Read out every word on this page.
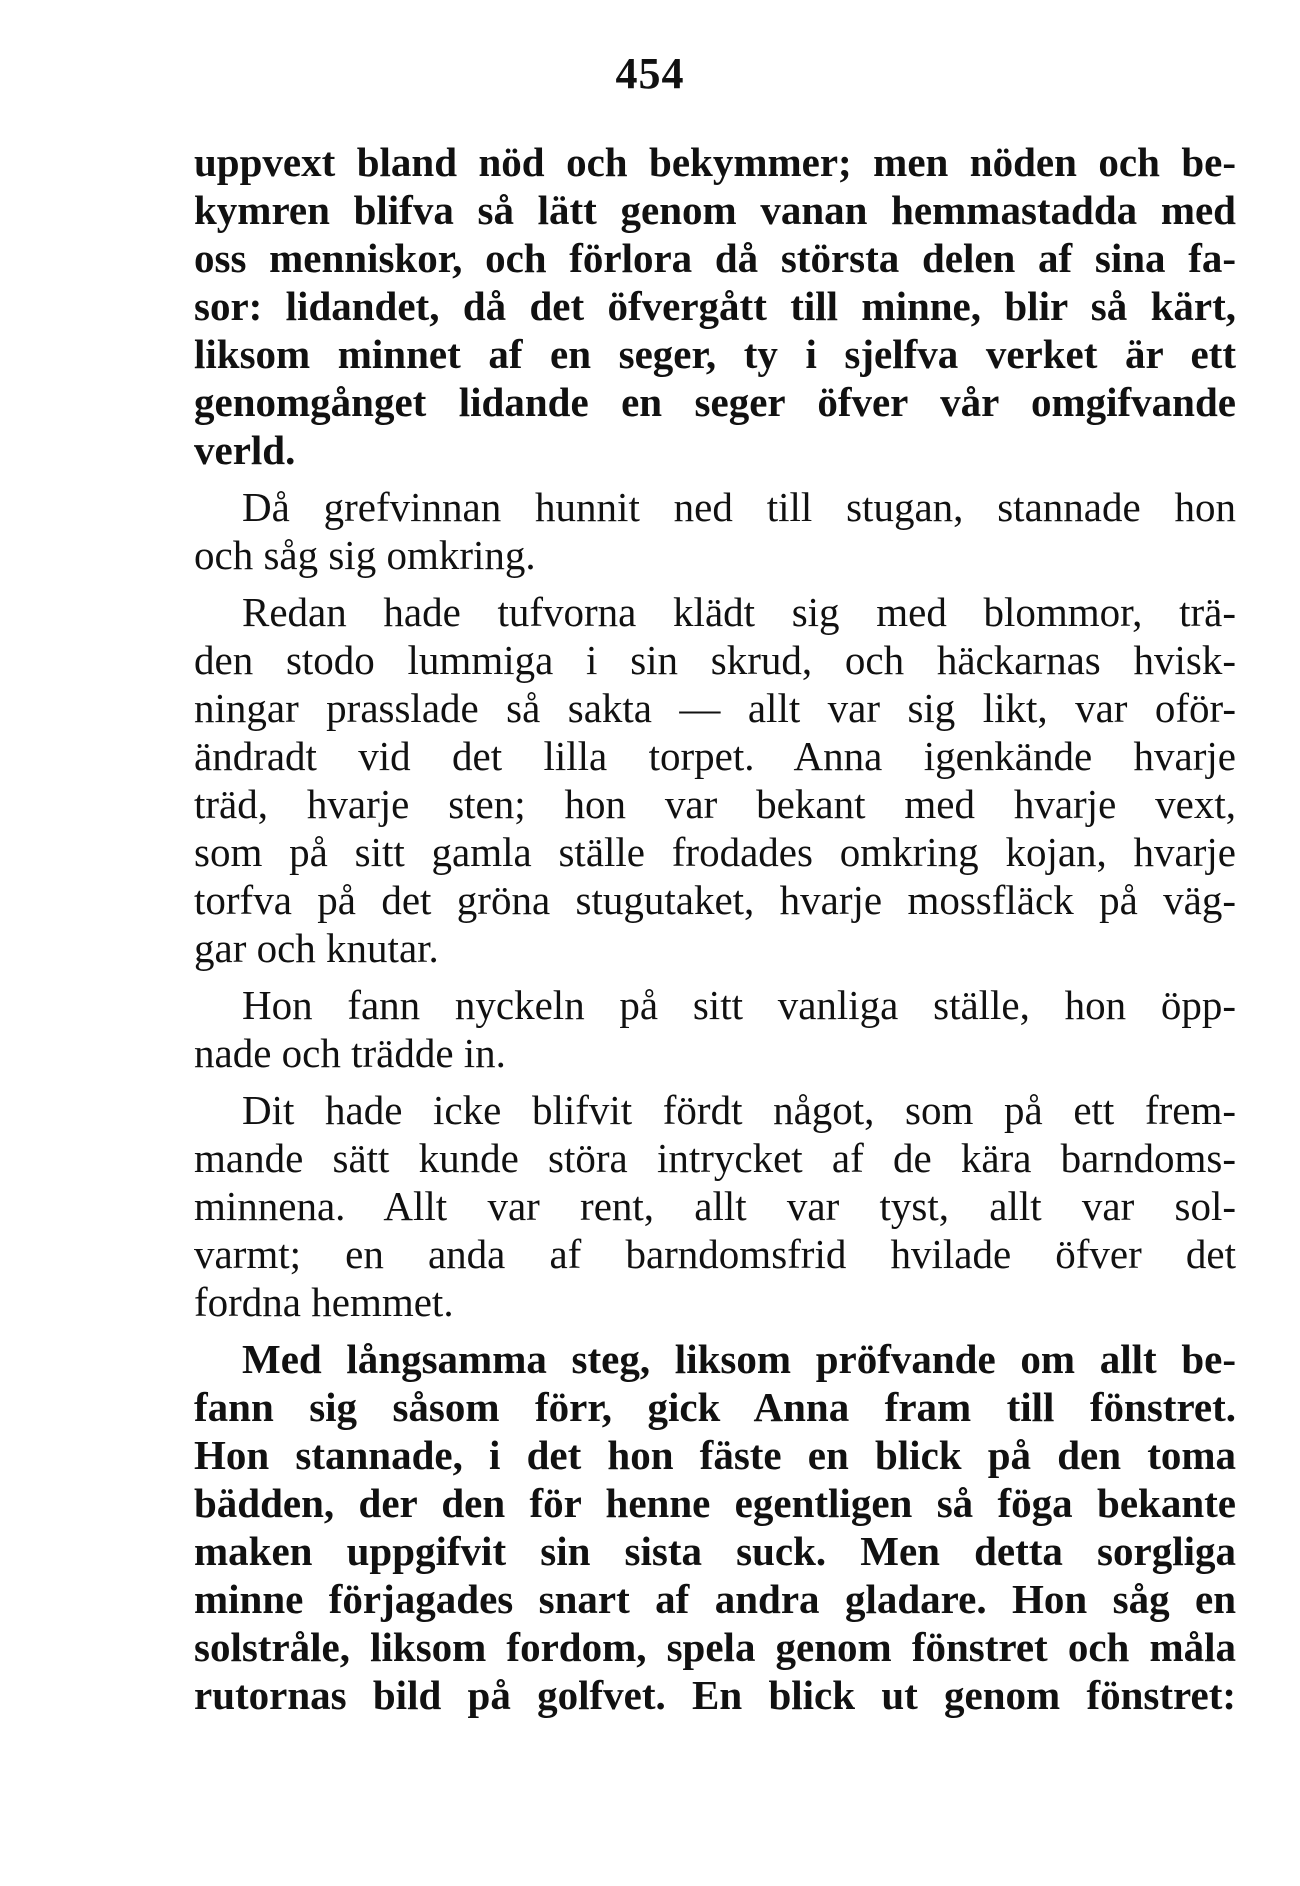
454
uppvext bland nöd och bekymmer; men nöden och be-
kymren blifva så lätt genom vanan hemmastadda med
oss menniskor, och förlora då största delen af sina fa-
sor: lidandet, då det öfvergått till minne, blir så kärt,
liksom minnet af en seger, ty i sjelfva verket är ett
genomgånget lidande en seger öfver vår omgifvande
verld.
Då grefvinnan hunnit ned till stugan, stannade hon
och såg sig omkring.
Redan hade tufvorna klädt sig med blommor, trä-
den stodo lummiga i sin skrud, och häckarnas hvisk-
ningar prasslade så sakta — allt var sig likt, var oför-
ändradt vid det lilla torpet. Anna igenkände hvarje
träd, hvarje sten; hon var bekant med hvarje vext,
som på sitt gamla ställe frodades omkring kojan, hvarje
torfva på det gröna stugutaket, hvarje mossfläck på väg-
gar och knutar.
Hon fann nyckeln på sitt vanliga ställe, hon öpp-
nade och trädde in.
Dit hade icke blifvit fördt något, som på ett frem-
mande sätt kunde störa intrycket af de kära barndoms-
minnena. Allt var rent, allt var tyst, allt var sol-
varmt; en anda af barndomsfrid hvilade öfver det
fordna hemmet.
Med långsamma steg, liksom pröfvande om allt be-
fann sig såsom förr, gick Anna fram till fönstret.
Hon stannade, i det hon fäste en blick på den toma
bädden, der den för henne egentligen så föga bekante
maken uppgifvit sin sista suck. Men detta sorgliga
minne förjagades snart af andra gladare. Hon såg en
solstråle, liksom fordom, spela genom fönstret och måla
rutornas bild på golfvet. En blick ut genom fönstret:
